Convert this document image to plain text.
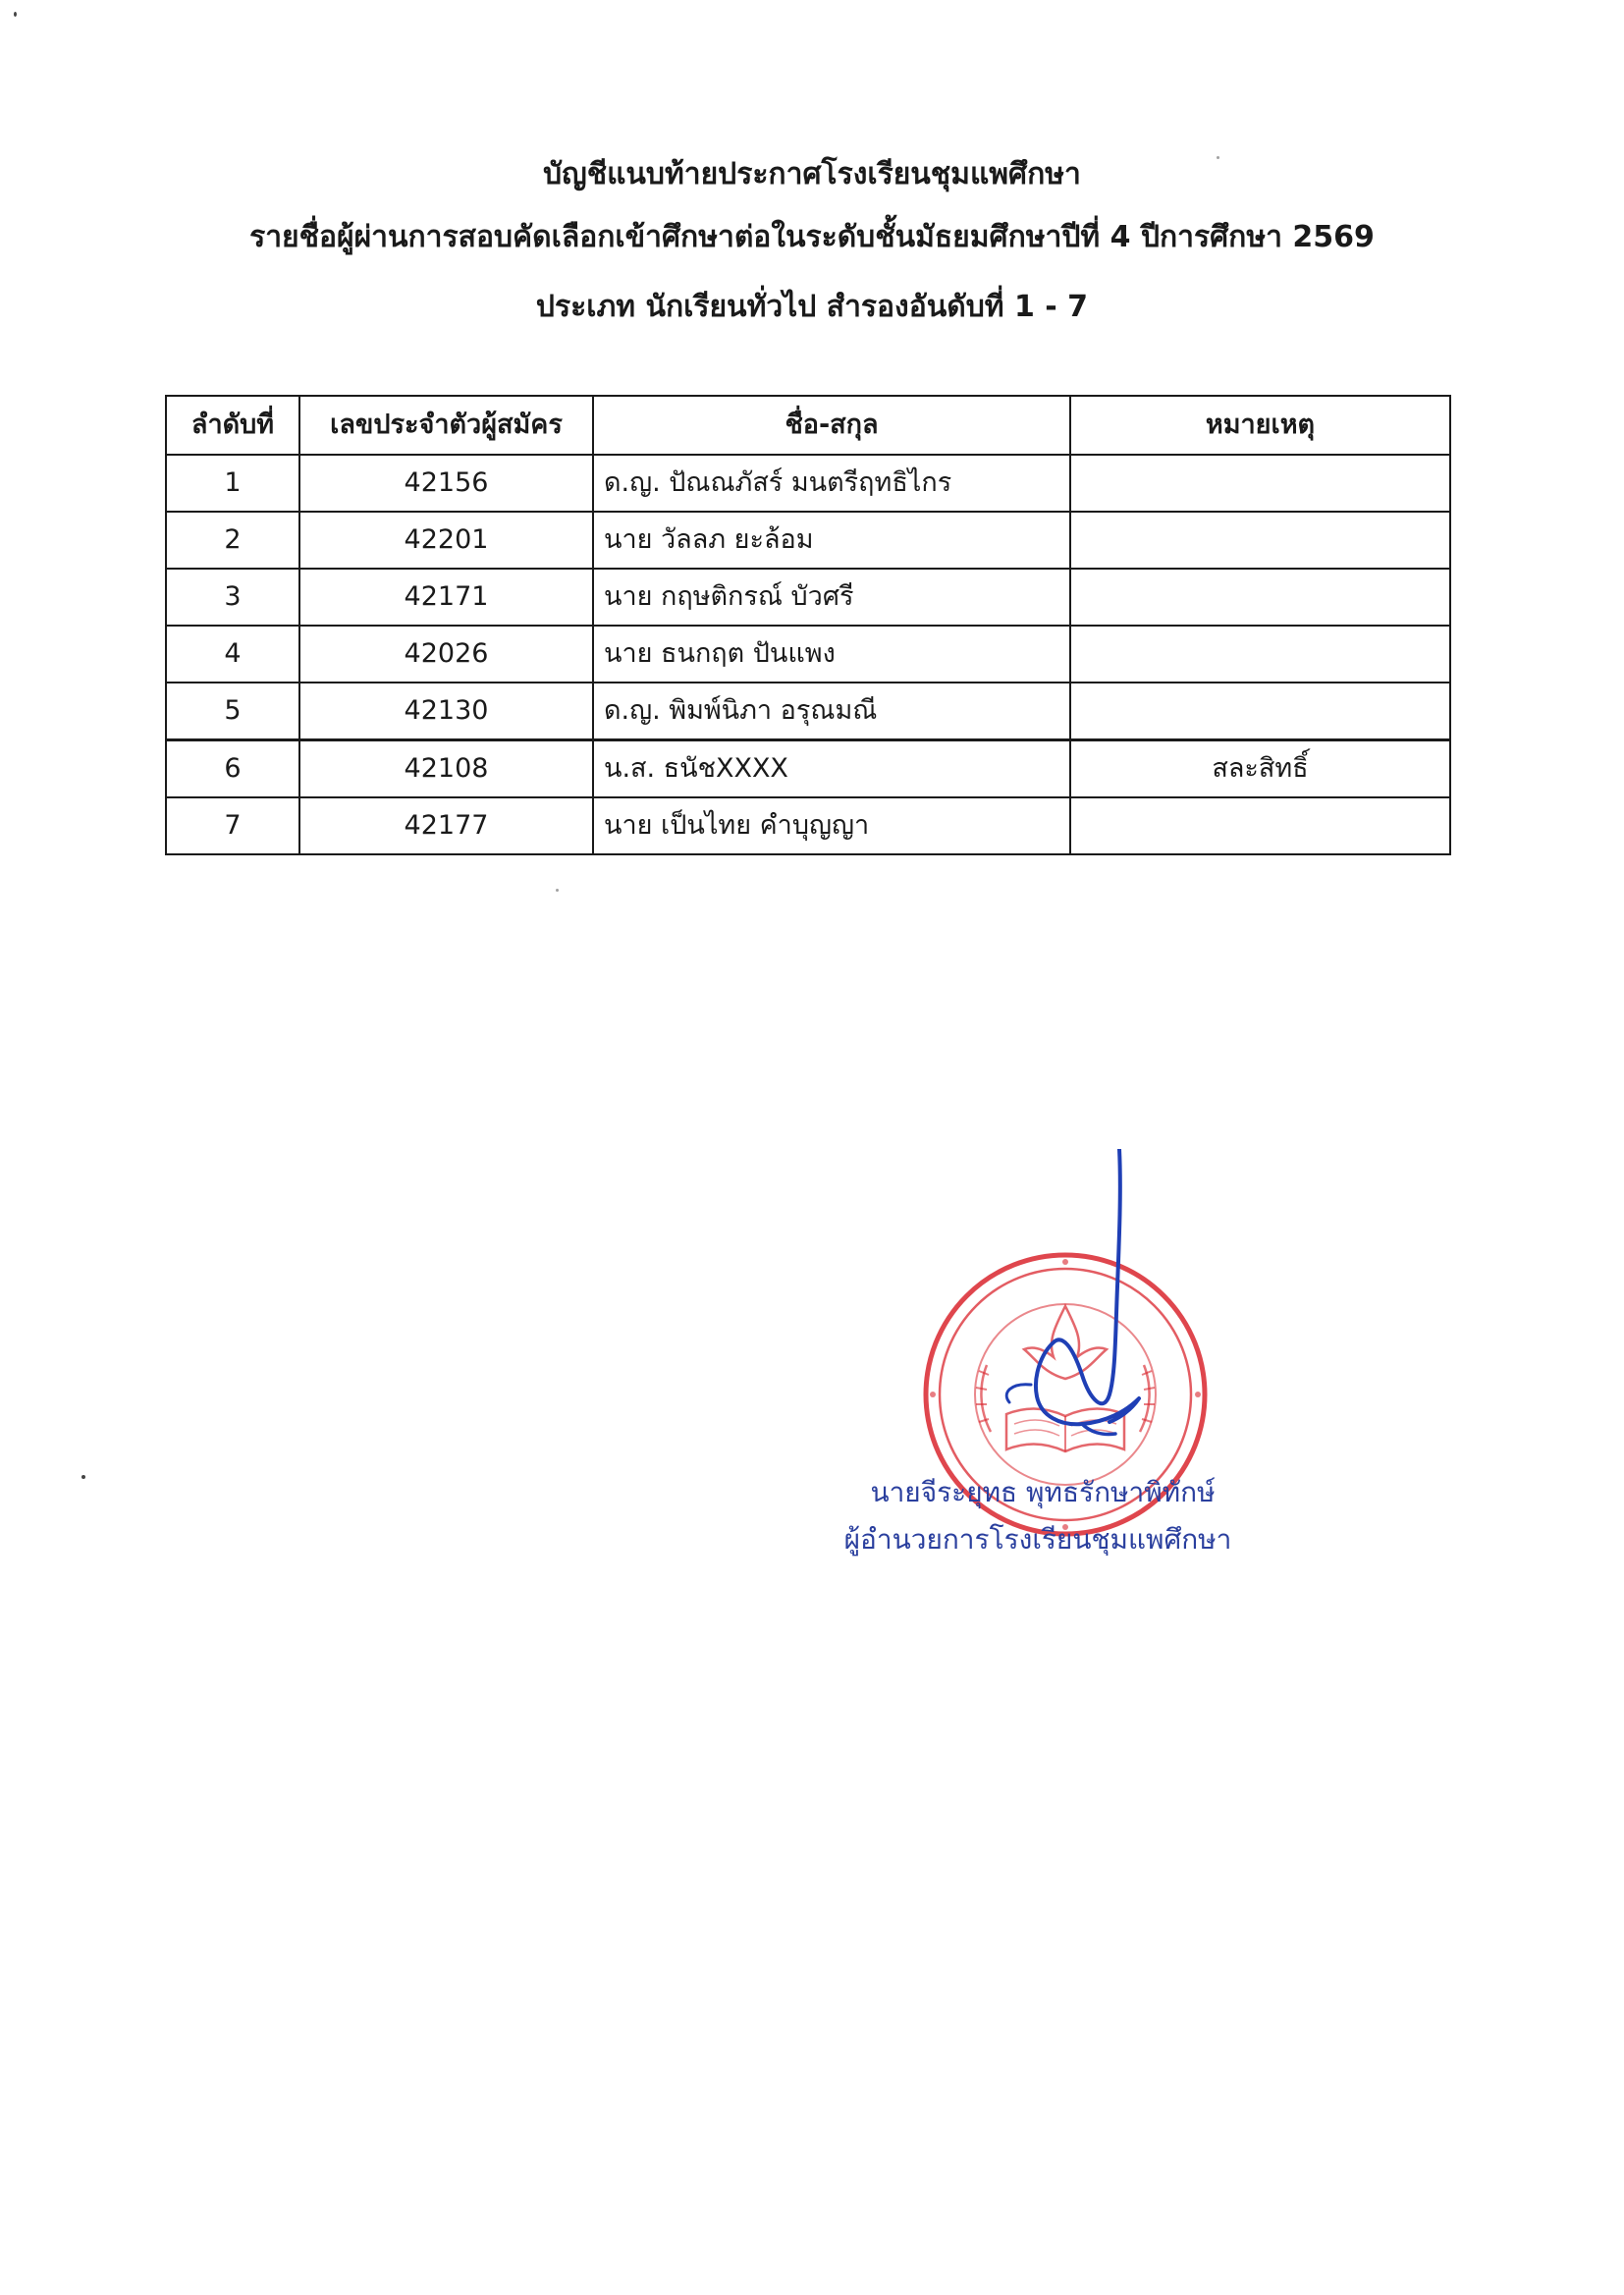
บัญชีแนบท้ายประกาศโรงเรียนชุมแพศึกษา
รายชื่อผู้ผ่านการสอบคัดเลือกเข้าศึกษาต่อในระดับชั้นมัธยมศึกษาปีที่ 4 ปีการศึกษา 2569
ประเภท นักเรียนทั่วไป สำรองอันดับที่ 1 - 7
ลำดับที่	เลขประจำตัวผู้สมัคร	ชื่อ-สกุล	หมายเหตุ
1	42156	ด.ญ. ปัณณภัสร์ มนตรีฤทธิไกร	
2	42201	นาย วัลลภ ยะล้อม	
3	42171	นาย กฤษติกรณ์ บัวศรี	
4	42026	นาย ธนกฤต ปันแพง	
5	42130	ด.ญ. พิมพ์นิภา อรุณมณี	
6	42108	น.ส. ธนัชXXXX	สละสิทธิ์
7	42177	นาย เป็นไทย คำบุญญา	
นายจีระยุทธ พุทธรักษาพิทักษ์
ผู้อำนวยการโรงเรียนชุมแพศึกษา
